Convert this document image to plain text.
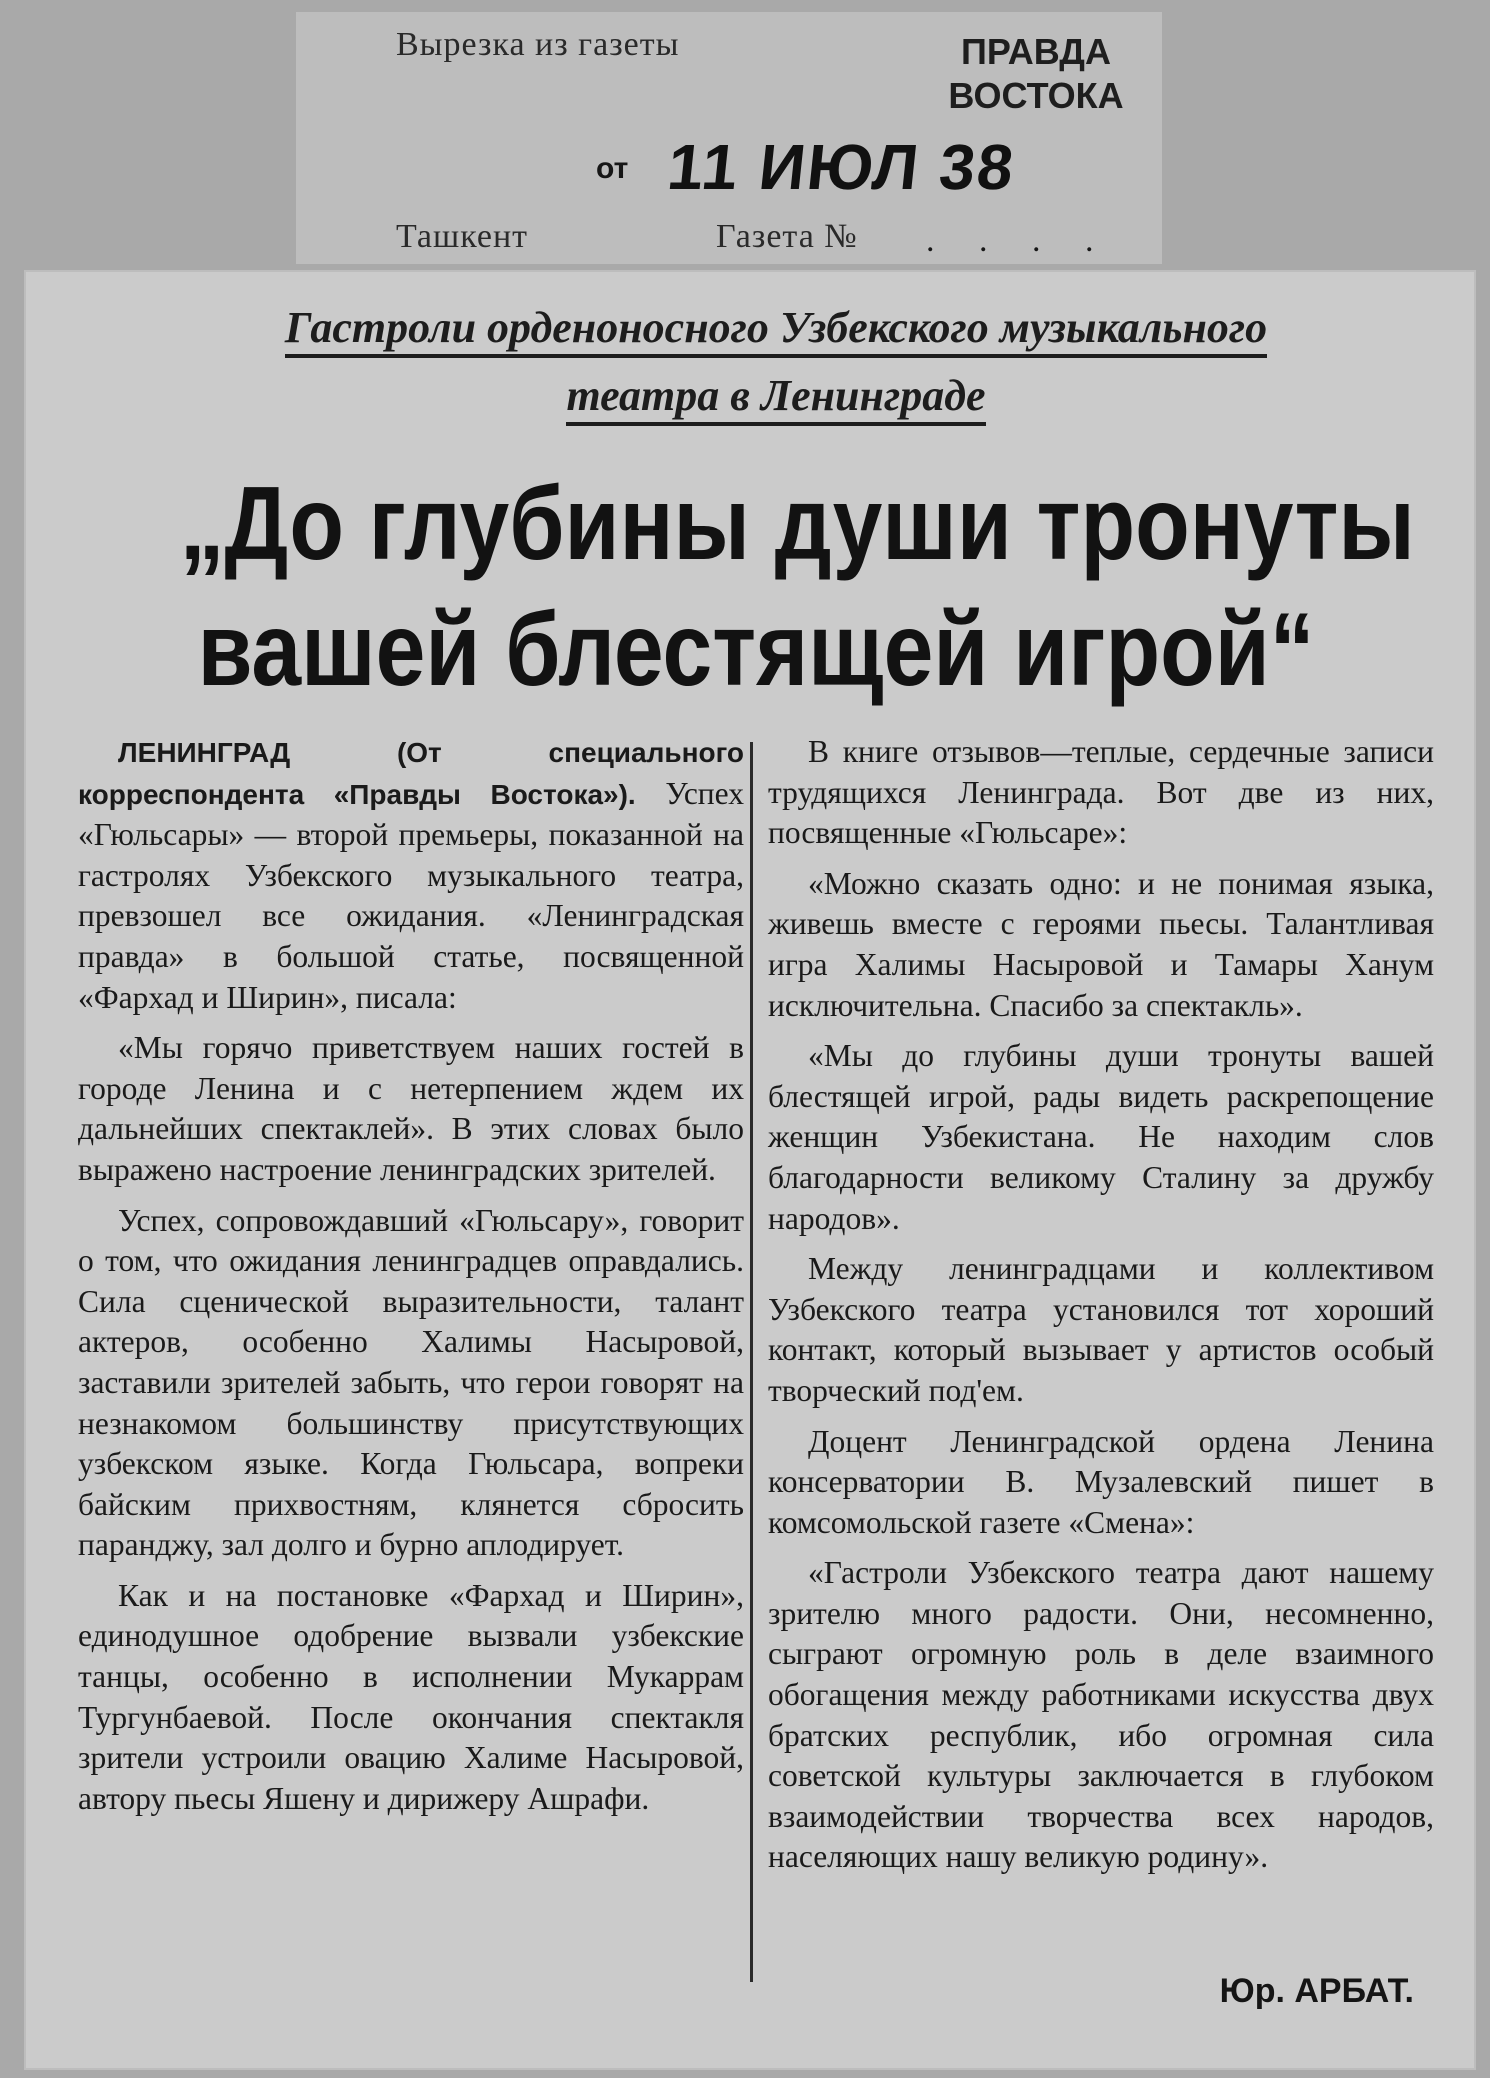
Вырезка из газеты	ПРАВДА
ВОСТОКА
от 11 ИЮЛ 38
Ташкент	Газета № . . . .
Гастроли орденоносного Узбекского музыкального
театра в Ленинграде
„До глубины души тронуты
вашей блестящей игрой“

ЛЕНИНГРАД (От специального корреспондента «Правды Востока»). Успех «Гюльсары» — второй премьеры, показанной на гастролях Узбекского музыкального театра, превзошел все ожидания. «Ленинградская правда» в большой статье, посвященной «Фархад и Ширин», писала:

«Мы горячо приветствуем наших гостей в городе Ленина и с нетерпением ждем их дальнейших спектаклей». В этих словах было выражено настроение ленинградских зрителей.

Успех, сопровождавший «Гюльсару», говорит о том, что ожидания ленинградцев оправдались. Сила сценической выразительности, талант актеров, особенно Халимы Насыровой, заставили зрителей забыть, что герои говорят на незнакомом большинству присутствующих узбекском языке. Когда Гюльсара, вопреки байским прихвостням, клянется сбросить паранджу, зал долго и бурно аплодирует.

Как и на постановке «Фархад и Ширин», единодушное одобрение вызвали узбекские танцы, особенно в исполнении Мукаррам Тургунбаевой. После окончания спектакля зрители устроили овацию Халиме Насыровой, автору пьесы Яшену и дирижеру Ашрафи.

В книге отзывов—теплые, сердечные записи трудящихся Ленинграда. Вот две из них, посвященные «Гюльсаре»:

«Можно сказать одно: и не понимая языка, живешь вместе с героями пьесы. Талантливая игра Халимы Насыровой и Тамары Ханум исключительна. Спасибо за спектакль».

«Мы до глубины души тронуты вашей блестящей игрой, рады видеть раскрепощение женщин Узбекистана. Не находим слов благодарности великому Сталину за дружбу народов».

Между ленинградцами и коллективом Узбекского театра установился тот хороший контакт, который вызывает у артистов особый творческий под'ем.

Доцент Ленинградской ордена Ленина консерватории В. Музалевский пишет в комсомольской газете «Смена»:

«Гастроли Узбекского театра дают нашему зрителю много радости. Они, несомненно, сыграют огромную роль в деле взаимного обогащения между работниками искусства двух братских республик, ибо огромная сила советской культуры заключается в глубоком взаимодействии творчества всех народов, населяющих нашу великую родину».

Юр. АРБАТ.
